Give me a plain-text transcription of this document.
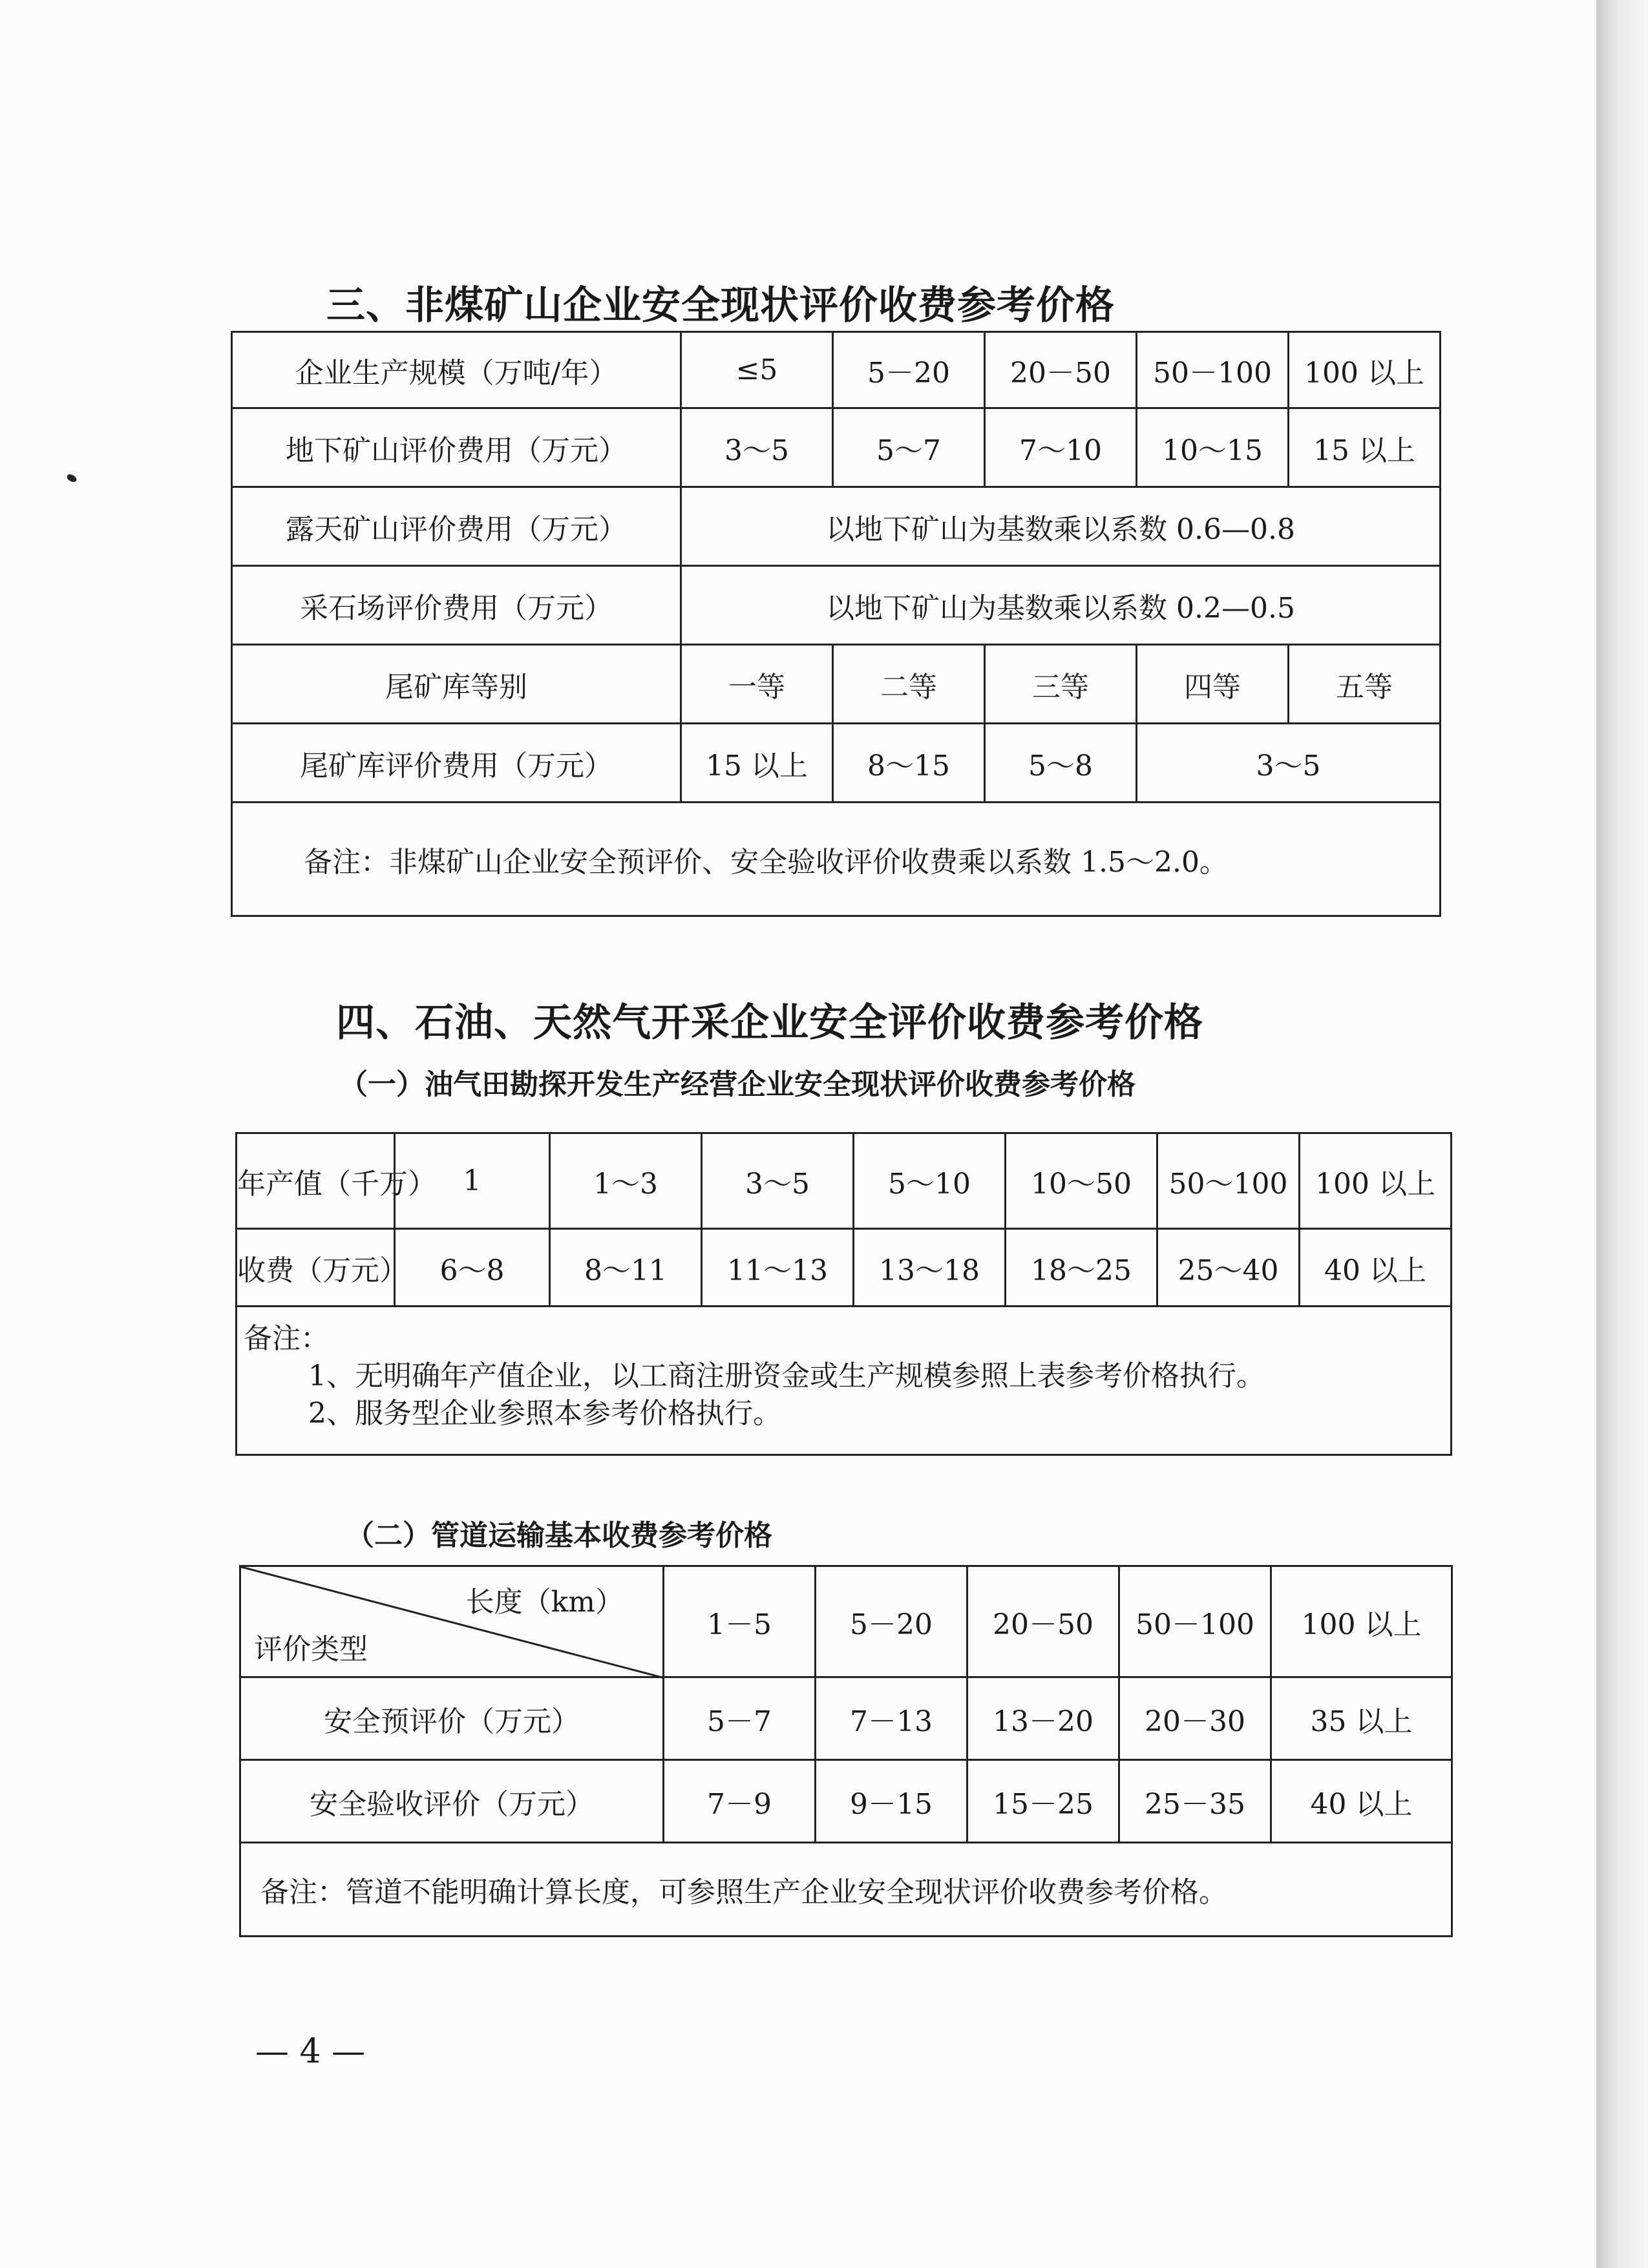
三、非煤矿山企业安全现状评价收费参考价格
企业生产规模（万吨/年）	≤5	5－20	20－50	50－100	100 以上
地下矿山评价费用（万元）	3～5	5～7	7～10	10～15	15 以上
露天矿山评价费用（万元）	以地下矿山为基数乘以系数 0.6—0.8				
采石场评价费用（万元）	以地下矿山为基数乘以系数 0.2—0.5				
尾矿库等别	一等	二等	三等	四等	五等
尾矿库评价费用（万元）	15 以上	8～15	5～8	3～5	
备注：非煤矿山企业安全预评价、安全验收评价收费乘以系数 1.5～2.0。					
四、石油、天然气开采企业安全评价收费参考价格
（一）油气田勘探开发生产经营企业安全现状评价收费参考价格
年产值（千万）	1	1～3	3～5	5～10	10～50	50～100	100 以上
收费（万元）	6～8	8～11	11～13	13～18	18～25	25～40	40 以上
备注：

1、无明确年产值企业，以工商注册资金或生产规模参照上表参考价格执行。
2、服务型企业参照本参考价格执行。							
（二）管道运输基本收费参考价格
长度（km）
评价类型	1－5	5－20	20－50	50－100	100 以上
安全预评价（万元）	5－7	7－13	13－20	20－30	35 以上
安全验收评价（万元）	7－9	9－15	15－25	25－35	40 以上
备注：管道不能明确计算长度，可参照生产企业安全现状评价收费参考价格。					
— 4 —
